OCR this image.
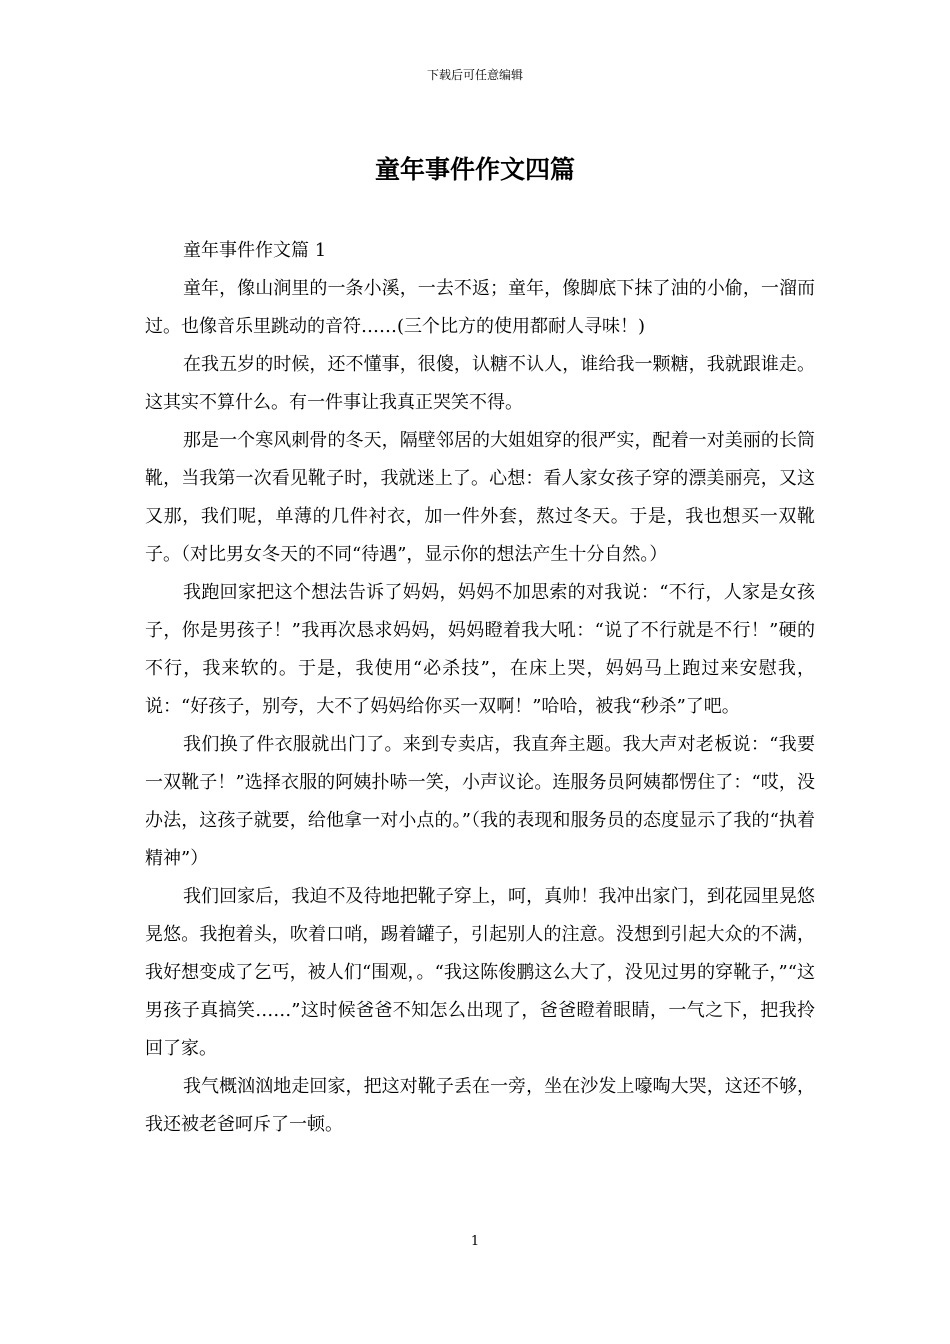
下载后可任意编辑
童年事件作文四篇
童年事件作文篇 1

童年，像山涧里的一条小溪，一去不返；童年，像脚底下抹了油的小偷，一溜而过。也像音乐里跳动的音符……(三个比方的使用都耐人寻味！)

在我五岁的时候，还不懂事，很傻，认糖不认人，谁给我一颗糖，我就跟谁走。这其实不算什么。有一件事让我真正哭笑不得。

那是一个寒风刺骨的冬天，隔壁邻居的大姐姐穿的很严实，配着一对美丽的长筒靴，当我第一次看见靴子时，我就迷上了。心想：看人家女孩子穿的漂美丽亮，又这又那，我们呢，单薄的几件衬衣，加一件外套，熬过冬天。于是，我也想买一双靴子。（对比男女冬天的不同“待遇”，显示你的想法产生十分自然。）

我跑回家把这个想法告诉了妈妈，妈妈不加思索的对我说：“不行，人家是女孩子，你是男孩子！”我再次恳求妈妈，妈妈瞪着我大吼：“说了不行就是不行！”硬的不行，我来软的。于是，我使用“必杀技”，在床上哭，妈妈马上跑过来安慰我，说：“好孩子，别夸，大不了妈妈给你买一双啊！”哈哈，被我“秒杀”了吧。

我们换了件衣服就出门了。来到专卖店，我直奔主题。我大声对老板说：“我要一双靴子！”选择衣服的阿姨扑哧一笑，小声议论。连服务员阿姨都愣住了：“哎，没办法，这孩子就要，给他拿一对小点的。”（我的表现和服务员的态度显示了我的“执着精神”）

我们回家后，我迫不及待地把靴子穿上，呵，真帅！我冲出家门，到花园里晃悠晃悠。我抱着头，吹着口哨，踢着罐子，引起别人的注意。没想到引起大众的不满，我好想变成了乞丐，被人们“围观，。“我这陈俊鹏这么大了，没见过男的穿靴子，”“这男孩子真搞笑……”这时候爸爸不知怎么出现了，爸爸瞪着眼睛，一气之下，把我拎回了家。

我气概汹汹地走回家，把这对靴子丢在一旁，坐在沙发上嚎啕大哭，这还不够，我还被老爸呵斥了一顿。

1
